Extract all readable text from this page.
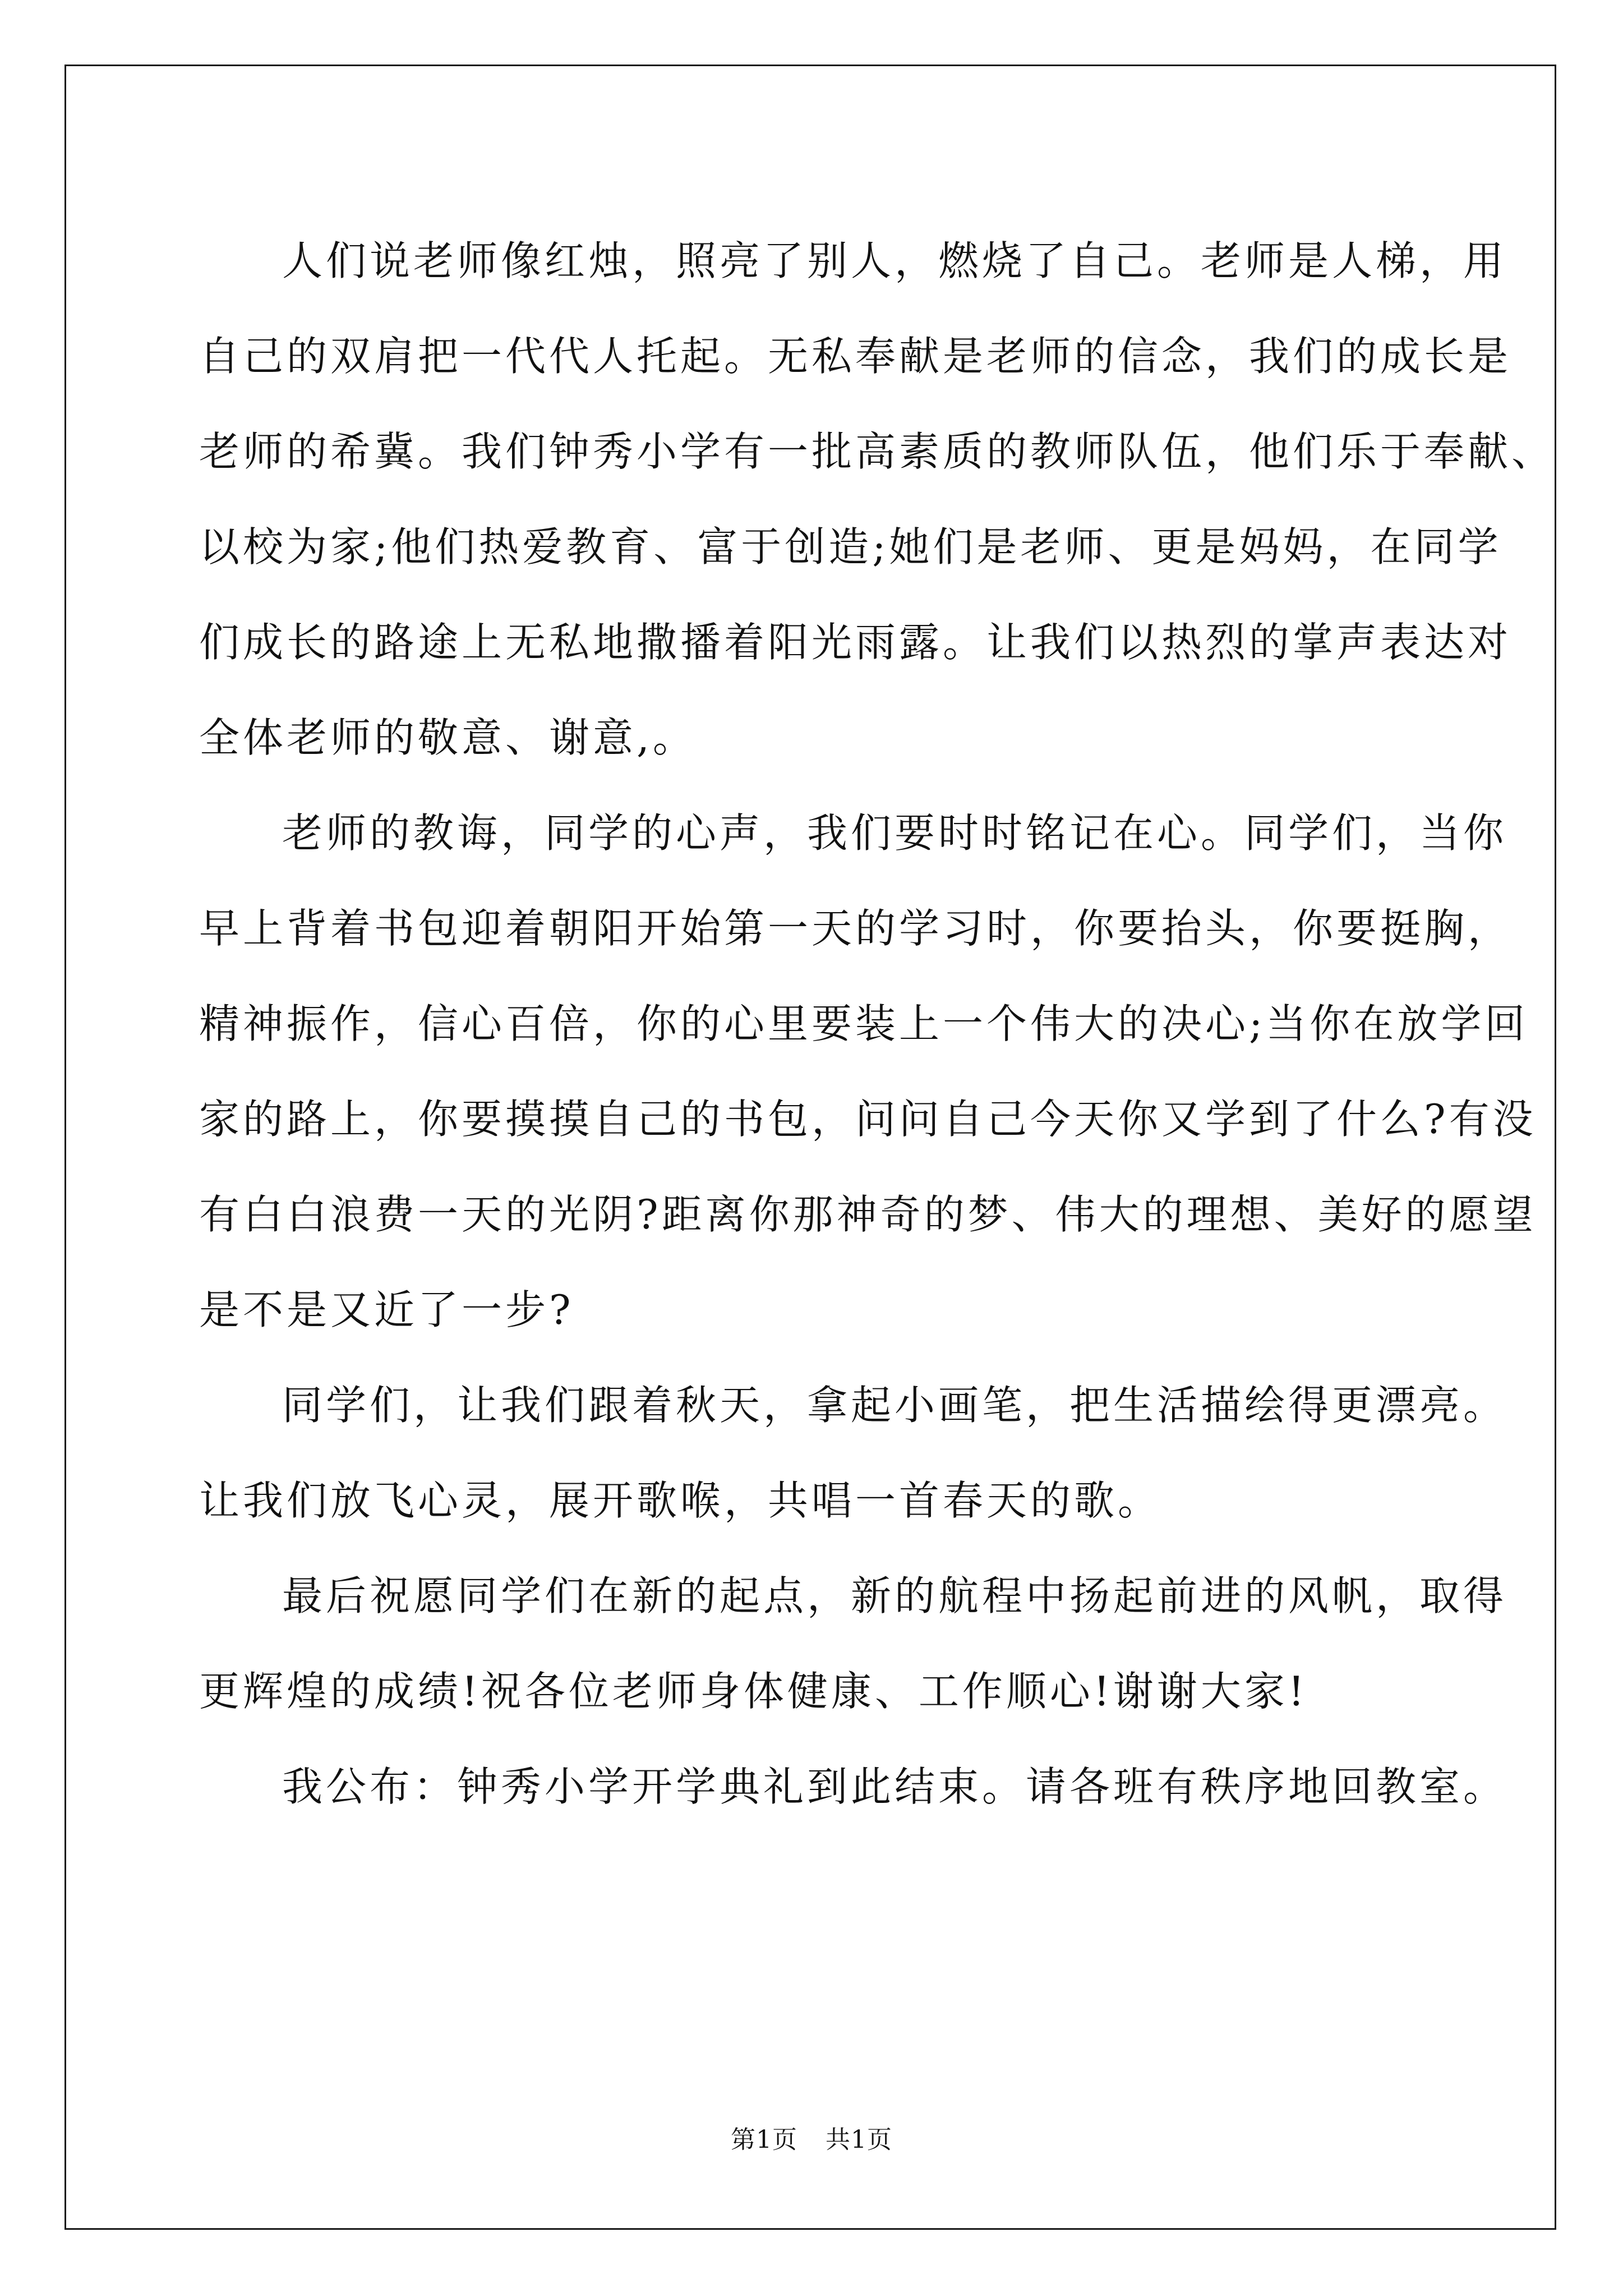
人们说老师像红烛，照亮了别人，燃烧了自己。老师是人梯，用
自己的双肩把一代代人托起。无私奉献是老师的信念，我们的成长是
老师的希冀。我们钟秀小学有一批高素质的教师队伍，他们乐于奉献、
以校为家;他们热爱教育、富于创造;她们是老师、更是妈妈，在同学
们成长的路途上无私地撒播着阳光雨露。让我们以热烈的掌声表达对
全体老师的敬意、谢意,。
老师的教诲，同学的心声，我们要时时铭记在心。同学们，当你
早上背着书包迎着朝阳开始第一天的学习时，你要抬头，你要挺胸，
精神振作，信心百倍，你的心里要装上一个伟大的决心;当你在放学回
家的路上，你要摸摸自己的书包，问问自己今天你又学到了什么?有没
有白白浪费一天的光阴?距离你那神奇的梦、伟大的理想、美好的愿望
是不是又近了一步?
同学们，让我们跟着秋天，拿起小画笔，把生活描绘得更漂亮。
让我们放飞心灵，展开歌喉，共唱一首春天的歌。
最后祝愿同学们在新的起点，新的航程中扬起前进的风帆，取得
更辉煌的成绩!祝各位老师身体健康、工作顺心!谢谢大家!
我公布：钟秀小学开学典礼到此结束。请各班有秩序地回教室。
第1页 共1页
